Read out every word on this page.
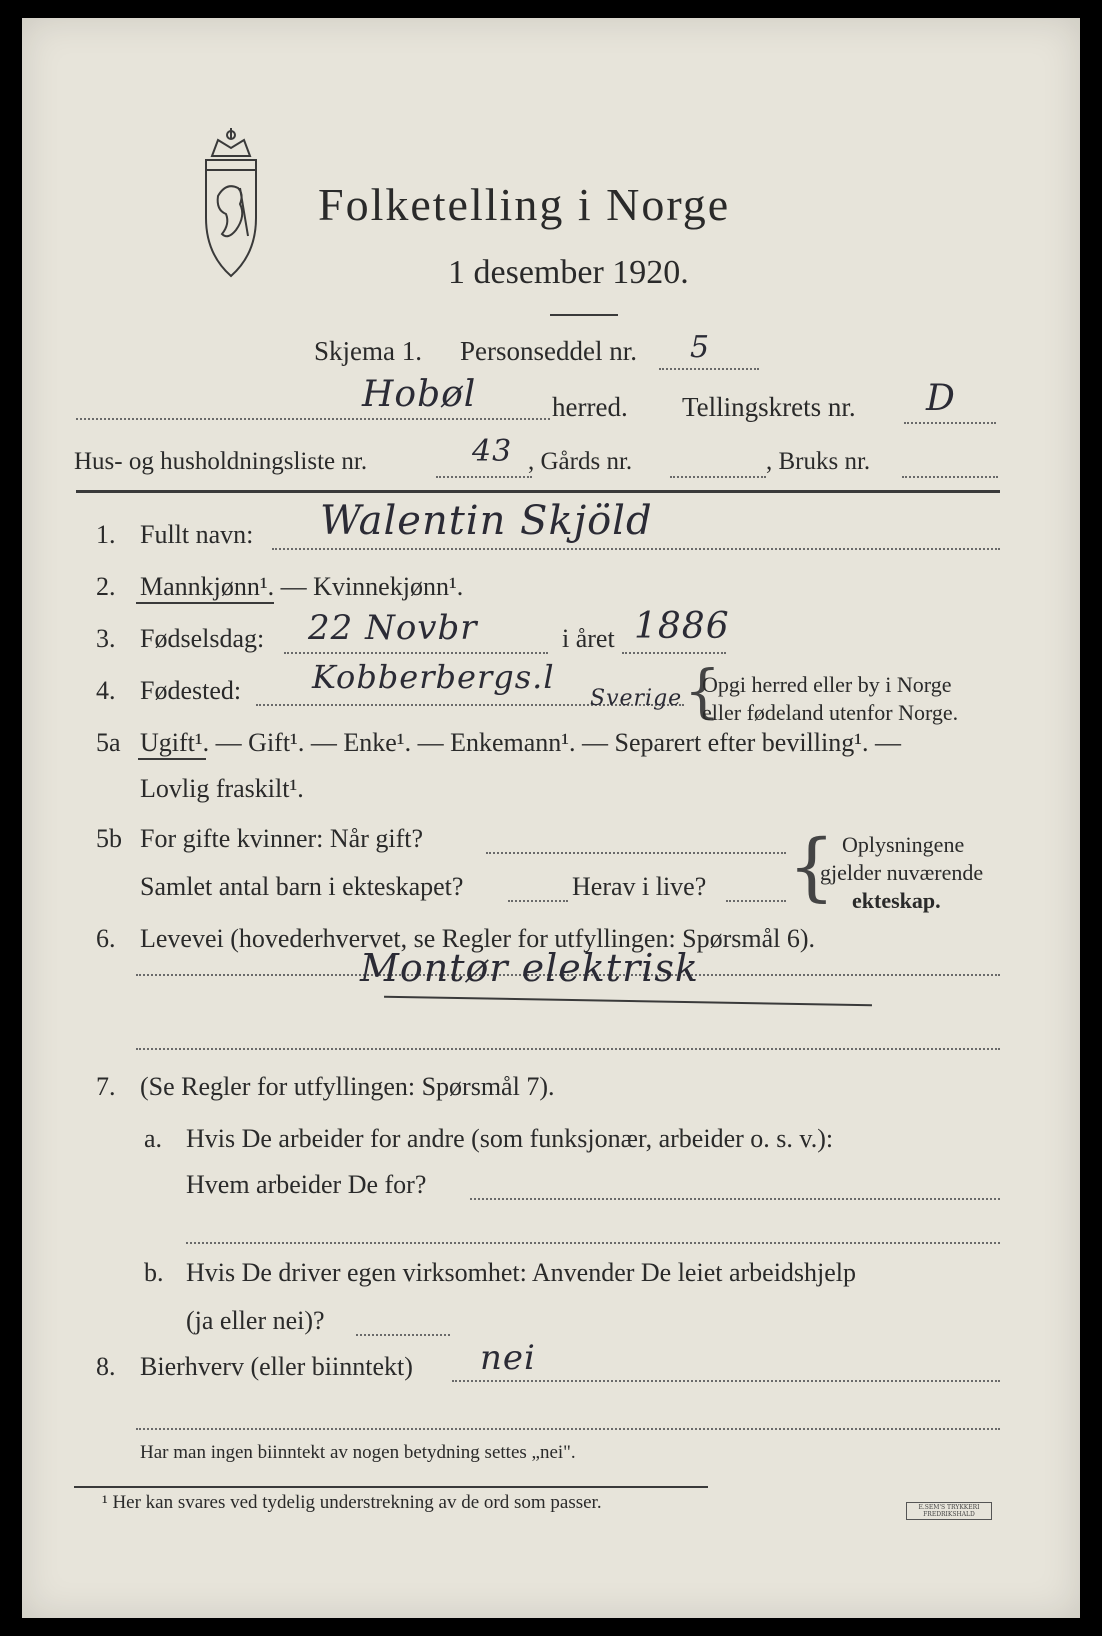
Folketelling i Norge
1 desember 1920.
Skjema 1. Personseddel nr. 5
Hobøl	herred. Tellingskrets nr. D
Hus- og husholdningsliste nr.	43 , Gårds nr.	, Bruks nr.
1. Fullt navn: Walentin Skjöld
2. Mannkjønn¹. — Kvinnekjønn¹.
3. Fødselsdag: 22 Novbr	i året 1886
4. Fødested: Kobberbergs.l
Sverige {
Opgi herred eller by i Norge
eller fødeland utenfor Norge.
5a Ugift¹. — Gift¹. — Enke¹. — Enkemann¹. — Separert efter bevilling¹. —
Lovlig fraskilt¹.
5b For gifte kvinner: Når gift?
Samlet antal barn i ekteskapet?	Herav i live? { Oplysningene
gjelder nuværende
ekteskap.
6. Levevei (hovederhvervet, se Regler for utfyllingen: Spørsmål 6).
Montør elektrisk
7. (Se Regler for utfyllingen: Spørsmål 7).
a. Hvis De arbeider for andre (som funksjonær, arbeider o. s. v.):
Hvem arbeider De for?
b. Hvis De driver egen virksomhet: Anvender De leiet arbeidshjelp
(ja eller nei)?
8. Bierhverv (eller biinntekt) nei
Har man ingen biinntekt av nogen betydning settes „nei".
¹ Her kan svares ved tydelig understrekning av de ord som passer.	E.SEM'S TRYKKERI
FREDRIKSHALD
